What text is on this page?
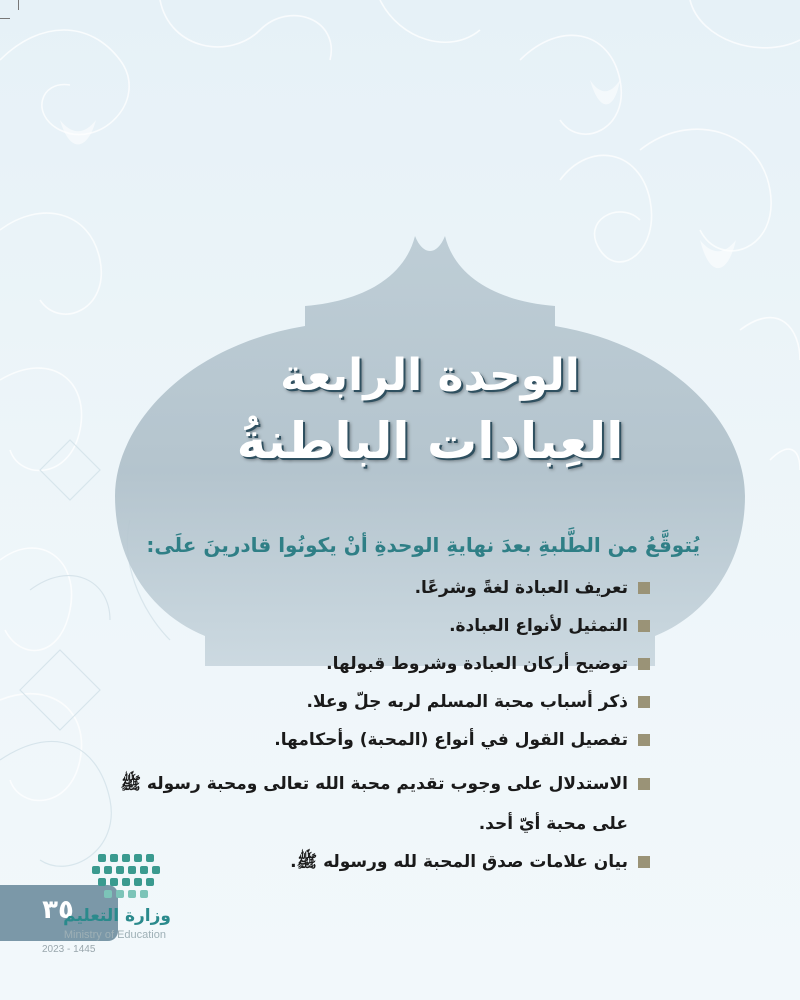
الوحدة الرابعة
العِبادات الباطنةُ
يُتوقَّعُ من الطَّلبةِ بعدَ نهايةِ الوحدةِ أنْ يكونُوا قادرينَ علَى:
تعريف العبادة لغةً وشرعًا.
التمثيل لأنواع العبادة.
توضيح أركان العبادة وشروط قبولها.
ذكر أسباب محبة المسلم لربه جلّ وعلا.
تفصيل القول في أنواع (المحبة) وأحكامها.
الاستدلال على وجوب تقديم محبة الله تعالى ومحبة رسوله ﷺ على محبة أيّ أحد.
بيان علامات صدق المحبة لله ورسوله ﷺ.
٣٥
وزارة التعليم
Ministry of Education
2023 - 1445
